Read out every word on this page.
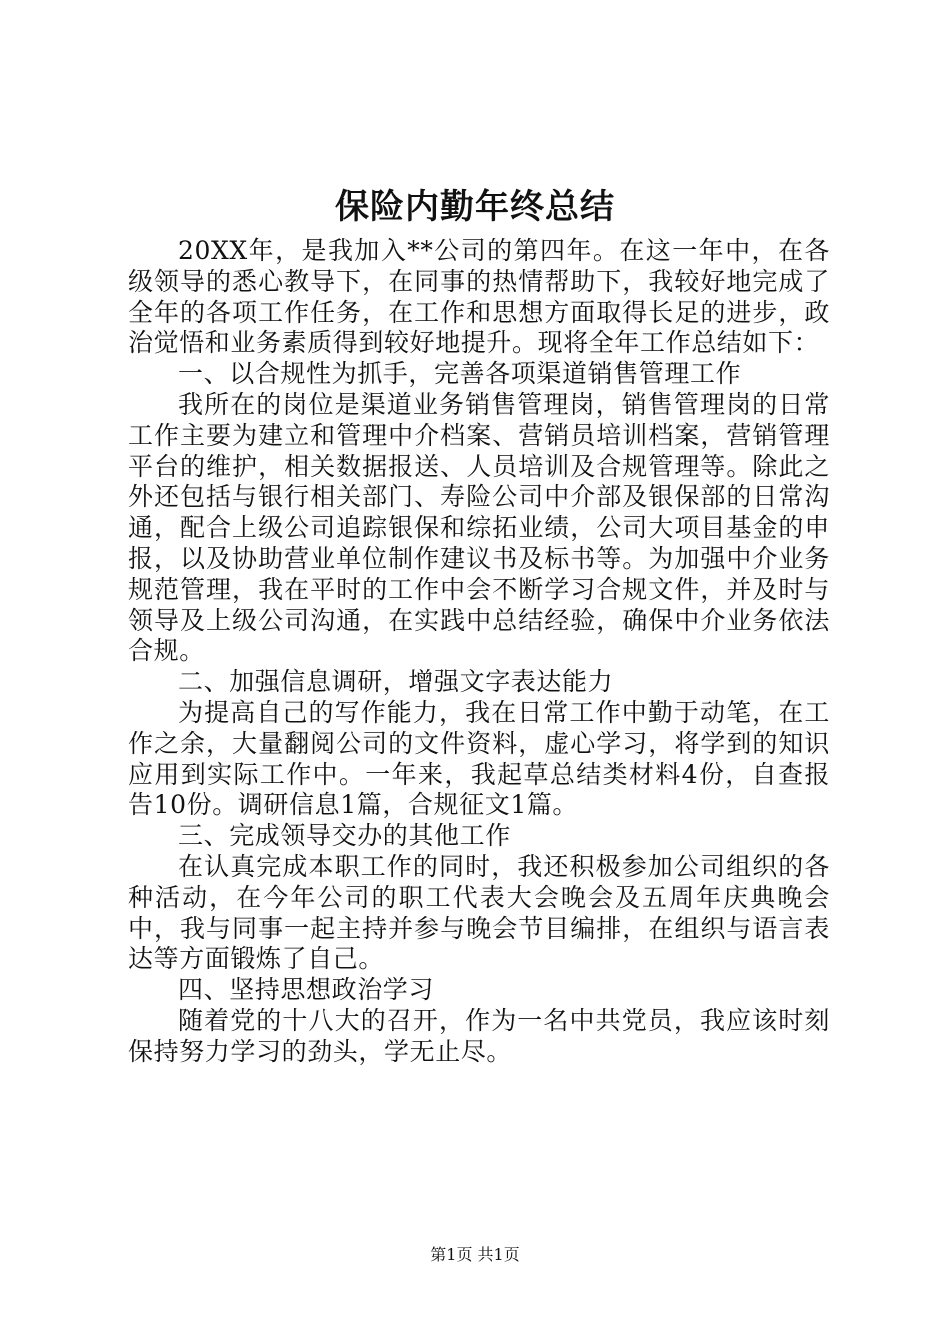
保险内勤年终总结

20XX年，是我加入**公司的第四年。在这一年中，在各级领导的悉心教导下，在同事的热情帮助下，我较好地完成了全年的各项工作任务，在工作和思想方面取得长足的进步，政治觉悟和业务素质得到较好地提升。现将全年工作总结如下：

一、以合规性为抓手，完善各项渠道销售管理工作

我所在的岗位是渠道业务销售管理岗，销售管理岗的日常工作主要为建立和管理中介档案、营销员培训档案，营销管理平台的维护，相关数据报送、人员培训及合规管理等。除此之外还包括与银行相关部门、寿险公司中介部及银保部的日常沟通，配合上级公司追踪银保和综拓业绩，公司大项目基金的申报，以及协助营业单位制作建议书及标书等。为加强中介业务规范管理，我在平时的工作中会不断学习合规文件，并及时与领导及上级公司沟通，在实践中总结经验，确保中介业务依法合规。

二、加强信息调研，增强文字表达能力

为提高自己的写作能力，我在日常工作中勤于动笔，在工作之余，大量翻阅公司的文件资料，虚心学习，将学到的知识应用到实际工作中。一年来，我起草总结类材料4份，自查报告10份。调研信息1篇，合规征文1篇。

三、完成领导交办的其他工作

在认真完成本职工作的同时，我还积极参加公司组织的各种活动，在今年公司的职工代表大会晚会及五周年庆典晚会中，我与同事一起主持并参与晚会节目编排，在组织与语言表达等方面锻炼了自己。

四、坚持思想政治学习

随着党的十八大的召开，作为一名中共党员，我应该时刻保持努力学习的劲头，学无止尽。

第1页 共1页
